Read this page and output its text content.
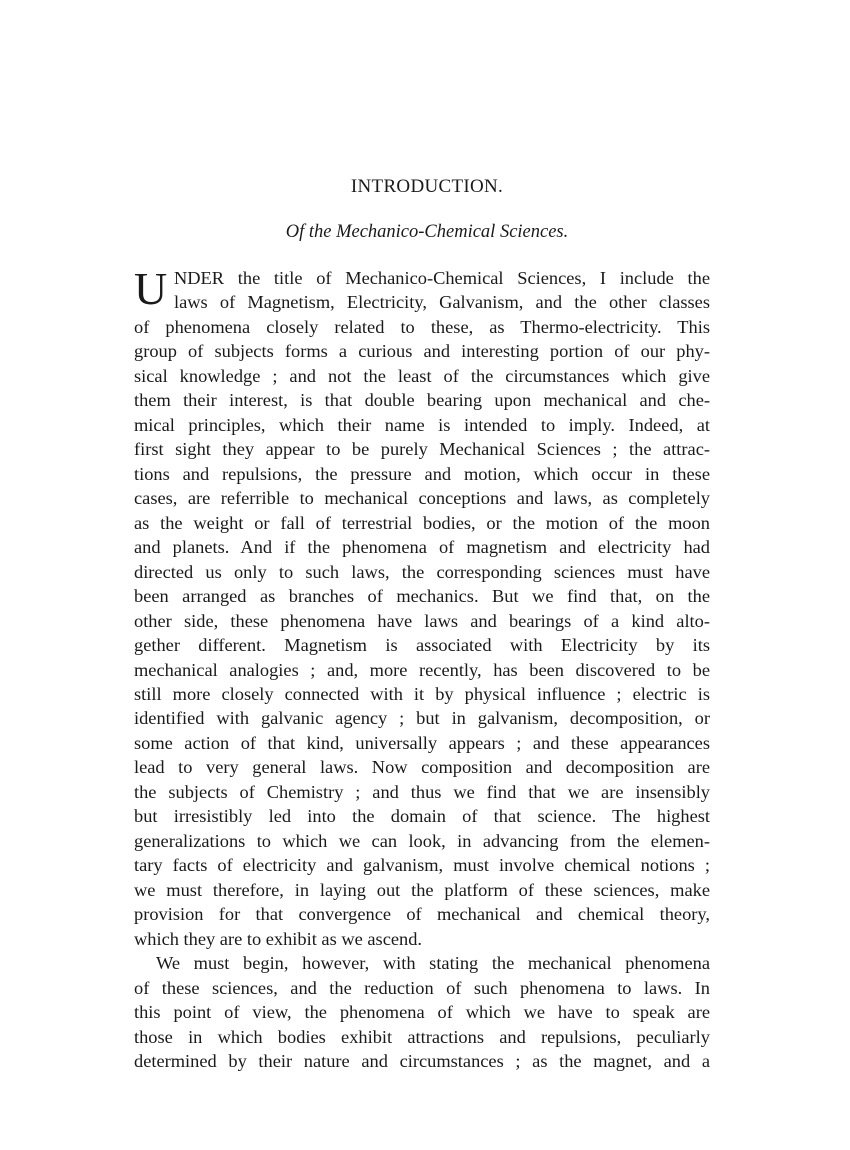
INTRODUCTION.
Of the Mechanico-Chemical Sciences.
U NDER the title of Mechanico-Chemical Sciences, I include the
laws of Magnetism, Electricity, Galvanism, and the other classes
of phenomena closely related to these, as Thermo-electricity. This
group of subjects forms a curious and interesting portion of our phy-
sical knowledge ; and not the least of the circumstances which give
them their interest, is that double bearing upon mechanical and che-
mical principles, which their name is intended to imply. Indeed, at
first sight they appear to be purely Mechanical Sciences ; the attrac-
tions and repulsions, the pressure and motion, which occur in these
cases, are referrible to mechanical conceptions and laws, as completely
as the weight or fall of terrestrial bodies, or the motion of the moon
and planets. And if the phenomena of magnetism and electricity had
directed us only to such laws, the corresponding sciences must have
been arranged as branches of mechanics. But we find that, on the
other side, these phenomena have laws and bearings of a kind alto-
gether different. Magnetism is associated with Electricity by its
mechanical analogies ; and, more recently, has been discovered to be
still more closely connected with it by physical influence ; electric is
identified with galvanic agency ; but in galvanism, decomposition, or
some action of that kind, universally appears ; and these appearances
lead to very general laws. Now composition and decomposition are
the subjects of Chemistry ; and thus we find that we are insensibly
but irresistibly led into the domain of that science. The highest
generalizations to which we can look, in advancing from the elemen-
tary facts of electricity and galvanism, must involve chemical notions ;
we must therefore, in laying out the platform of these sciences, make
provision for that convergence of mechanical and chemical theory,
which they are to exhibit as we ascend.
We must begin, however, with stating the mechanical phenomena
of these sciences, and the reduction of such phenomena to laws. In
this point of view, the phenomena of which we have to speak are
those in which bodies exhibit attractions and repulsions, peculiarly
determined by their nature and circumstances ; as the magnet, and a
